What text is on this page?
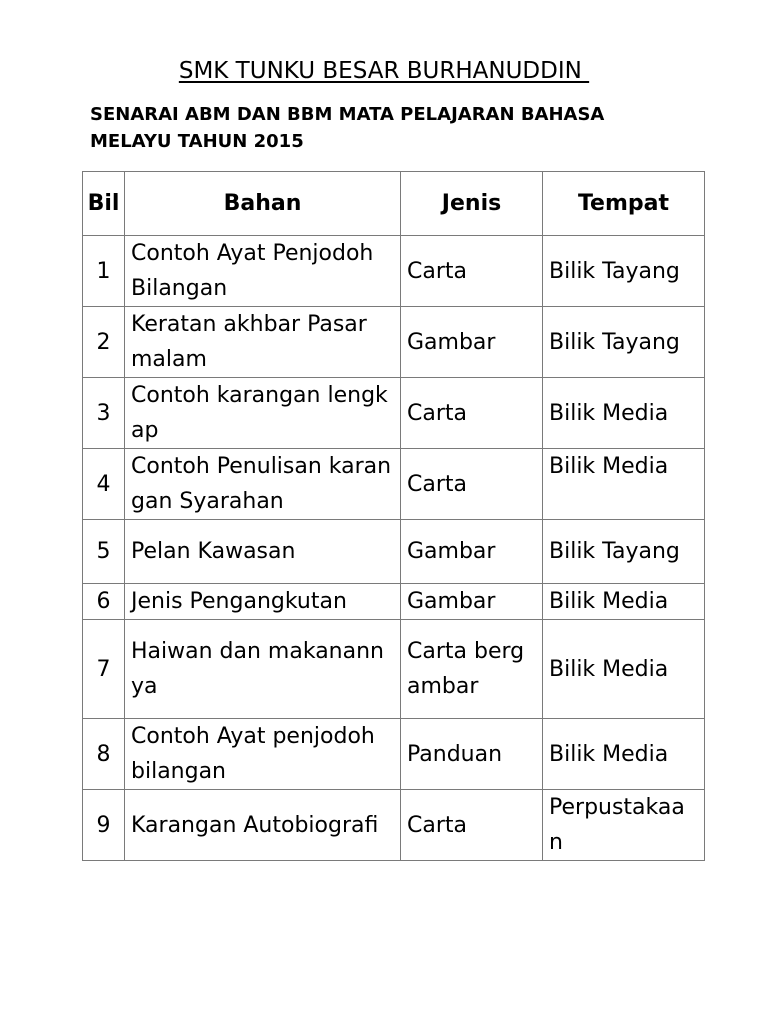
SMK TUNKU BESAR BURHANUDDIN
SENARAI ABM DAN BBM MATA PELAJARAN BAHASA MELAYU TAHUN 2015
Bil	Bahan	Jenis	Tempat
1	Contoh Ayat Penjodoh Bilangan	Carta	Bilik Tayang
2	Keratan akhbar Pasar malam	Gambar	Bilik Tayang
3	Contoh karangan lengkap	Carta	Bilik Media
4	Contoh Penulisan karangan Syarahan	Carta	Bilik Media
5	Pelan Kawasan	Gambar	Bilik Tayang
6	Jenis Pengangkutan	Gambar	Bilik Media
7	Haiwan dan makanannya	Carta bergambar	Bilik Media
8	Contoh Ayat penjodoh bilangan	Panduan	Bilik Media
9	Karangan Autobiografi	Carta	Perpustakaan
